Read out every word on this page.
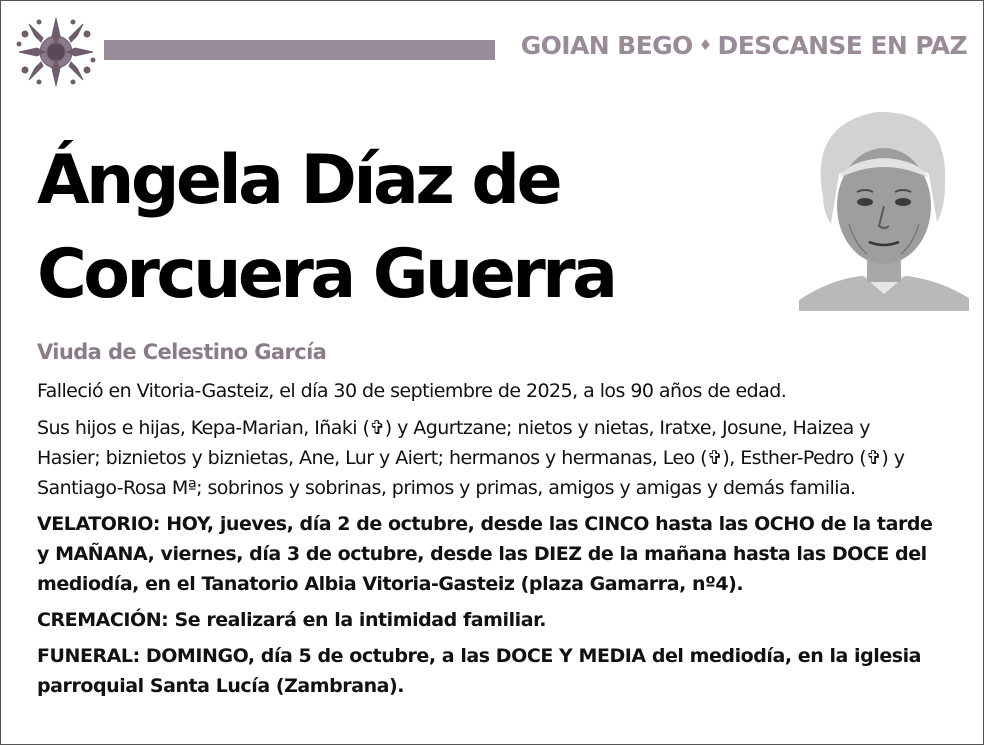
GOIAN BEGO ♦ DESCANSE EN PAZ
Ángela Díaz de
Corcuera Guerra
Viuda de Celestino García

Falleció en Vitoria-Gasteiz, el día 30 de septiembre de 2025, a los 90 años de edad.

Sus hijos e hijas, Kepa-Marian, Iñaki (✞) y Agurtzane; nietos y nietas, Iratxe, Josune, Haizea y Hasier; biznietos y biznietas, Ane, Lur y Aiert; hermanos y hermanas, Leo (✞), Esther-Pedro (✞) y Santiago-Rosa Mª; sobrinos y sobrinas, primos y primas, amigos y amigas y demás familia.

VELATORIO: HOY, jueves, día 2 de octubre, desde las CINCO hasta las OCHO de la tarde y MAÑANA, viernes, día 3 de octubre, desde las DIEZ de la mañana hasta las DOCE del mediodía, en el Tanatorio Albia Vitoria-Gasteiz (plaza Gamarra, nº4).

CREMACIÓN: Se realizará en la intimidad familiar.

FUNERAL: DOMINGO, día 5 de octubre, a las DOCE Y MEDIA del mediodía, en la iglesia parroquial Santa Lucía (Zambrana).
